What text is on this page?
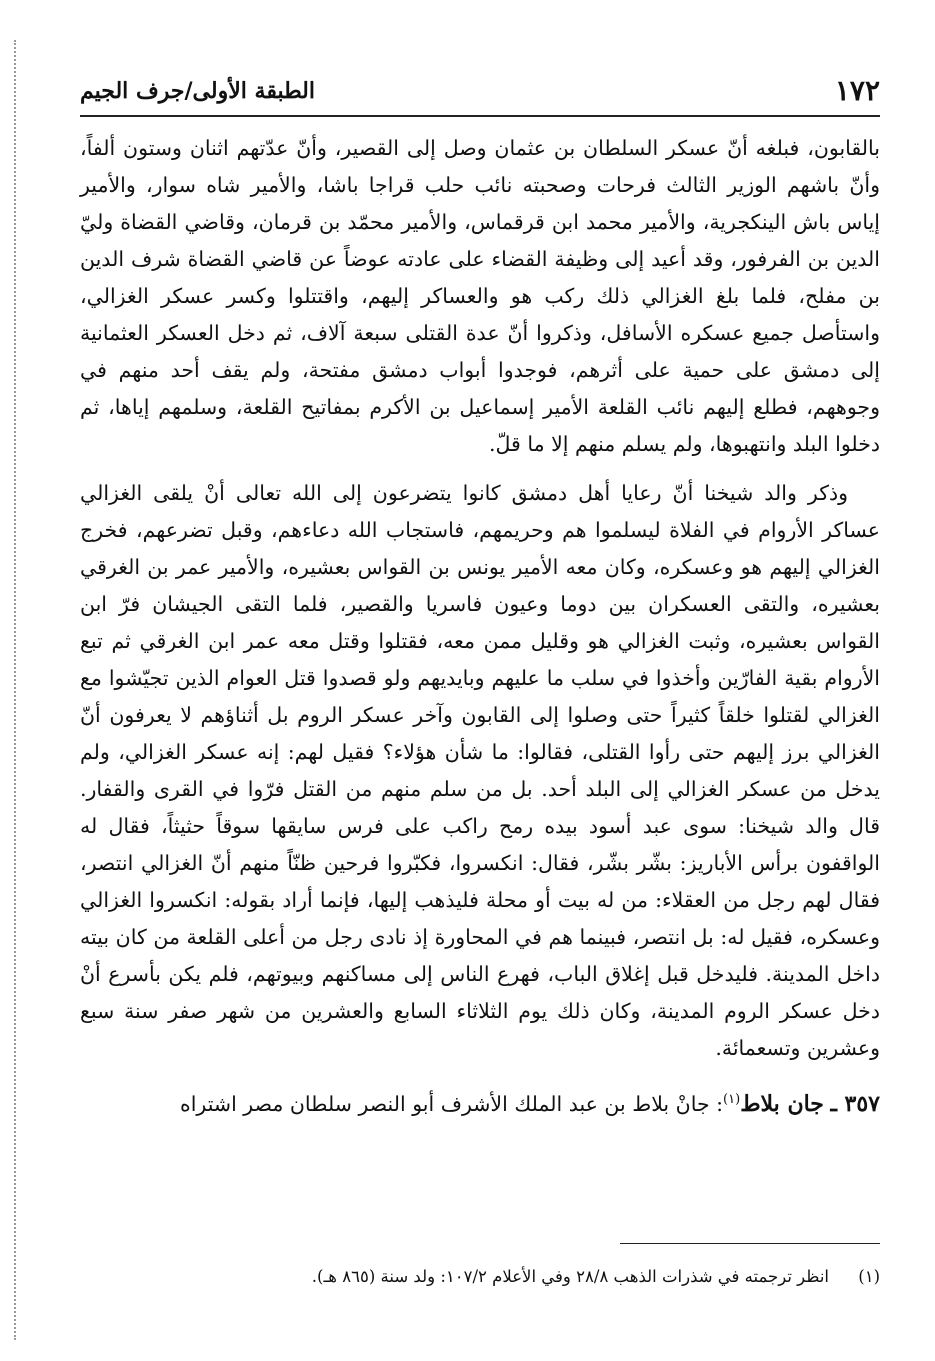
١٧٢
الطبقة الأولى/جرف الجيم

بالقابون، فبلغه أنّ عسكر السلطان بن عثمان وصل إلى القصير، وأنّ عدّتهم اثنان وستون ألفاً، وأنّ باشهم الوزير الثالث فرحات وصحبته نائب حلب قراجا باشا، والأمير شاه سوار، والأمير إياس باش الينكجرية، والأمير محمد ابن قرقماس، والأمير محمّد بن قرمان، وقاضي القضاة وليّ الدين بن الفرفور، وقد أعيد إلى وظيفة القضاء على عادته عوضاً عن قاضي القضاة شرف الدين بن مفلح، فلما بلغ الغزالي ذلك ركب هو والعساكر إليهم، واقتتلوا وكسر عسكر الغزالي، واستأصل جميع عسكره الأسافل، وذكروا أنّ عدة القتلى سبعة آلاف، ثم دخل العسكر العثمانية إلى دمشق على حمية على أثرهم، فوجدوا أبواب دمشق مفتحة، ولم يقف أحد منهم في وجوههم، فطلع إليهم نائب القلعة الأمير إسماعيل بن الأكرم بمفاتيح القلعة، وسلمهم إياها، ثم دخلوا البلد وانتهبوها، ولم يسلم منهم إلا ما قلّ.

وذكر والد شيخنا أنّ رعايا أهل دمشق كانوا يتضرعون إلى الله تعالى أنْ يلقى الغزالي عساكر الأروام في الفلاة ليسلموا هم وحريمهم، فاستجاب الله دعاءهم، وقبل تضرعهم، فخرج الغزالي إليهم هو وعسكره، وكان معه الأمير يونس بن القواس بعشيره، والأمير عمر بن الغرقي بعشيره، والتقى العسكران بين دوما وعيون فاسريا والقصير، فلما التقى الجيشان فرّ ابن القواس بعشيره، وثبت الغزالي هو وقليل ممن معه، فقتلوا وقتل معه عمر ابن الغرقي ثم تبع الأروام بقية الفارّين وأخذوا في سلب ما عليهم وبايديهم ولو قصدوا قتل العوام الذين تجيّشوا مع الغزالي لقتلوا خلقاً كثيراً حتى وصلوا إلى القابون وآخر عسكر الروم بل أثناؤهم لا يعرفون أنّ الغزالي برز إليهم حتى رأوا القتلى، فقالوا: ما شأن هؤلاء؟ فقيل لهم: إنه عسكر الغزالي، ولم يدخل من عسكر الغزالي إلى البلد أحد. بل من سلم منهم من القتل فرّوا في القرى والقفار. قال والد شيخنا: سوى عبد أسود بيده رمح راكب على فرس سايقها سوقاً حثيثاً، فقال له الواقفون برأس الأباريز: بشّر بشّر، فقال: انكسروا، فكبّروا فرحين ظنّاً منهم أنّ الغزالي انتصر، فقال لهم رجل من العقلاء: من له بيت أو محلة فليذهب إليها، فإنما أراد بقوله: انكسروا الغزالي وعسكره، فقيل له: بل انتصر، فبينما هم في المحاورة إذ نادى رجل من أعلى القلعة من كان بيته داخل المدينة. فليدخل قبل إغلاق الباب، فهرع الناس إلى مساكنهم وبيوتهم، فلم يكن بأسرع أنْ دخل عسكر الروم المدينة، وكان ذلك يوم الثلاثاء السابع والعشرين من شهر صفر سنة سبع وعشرين وتسعمائة.

٣٥٧ ـ جان بلاط$^{(١)}$: جانْ بلاط بن عبد الملك الأشرف أبو النصر سلطان مصر اشتراه
(١) انظر ترجمته في شذرات الذهب ٢٨/٨ وفي الأعلام ١٠٧/٢: ولد سنة (٨٦٥ هـ).
